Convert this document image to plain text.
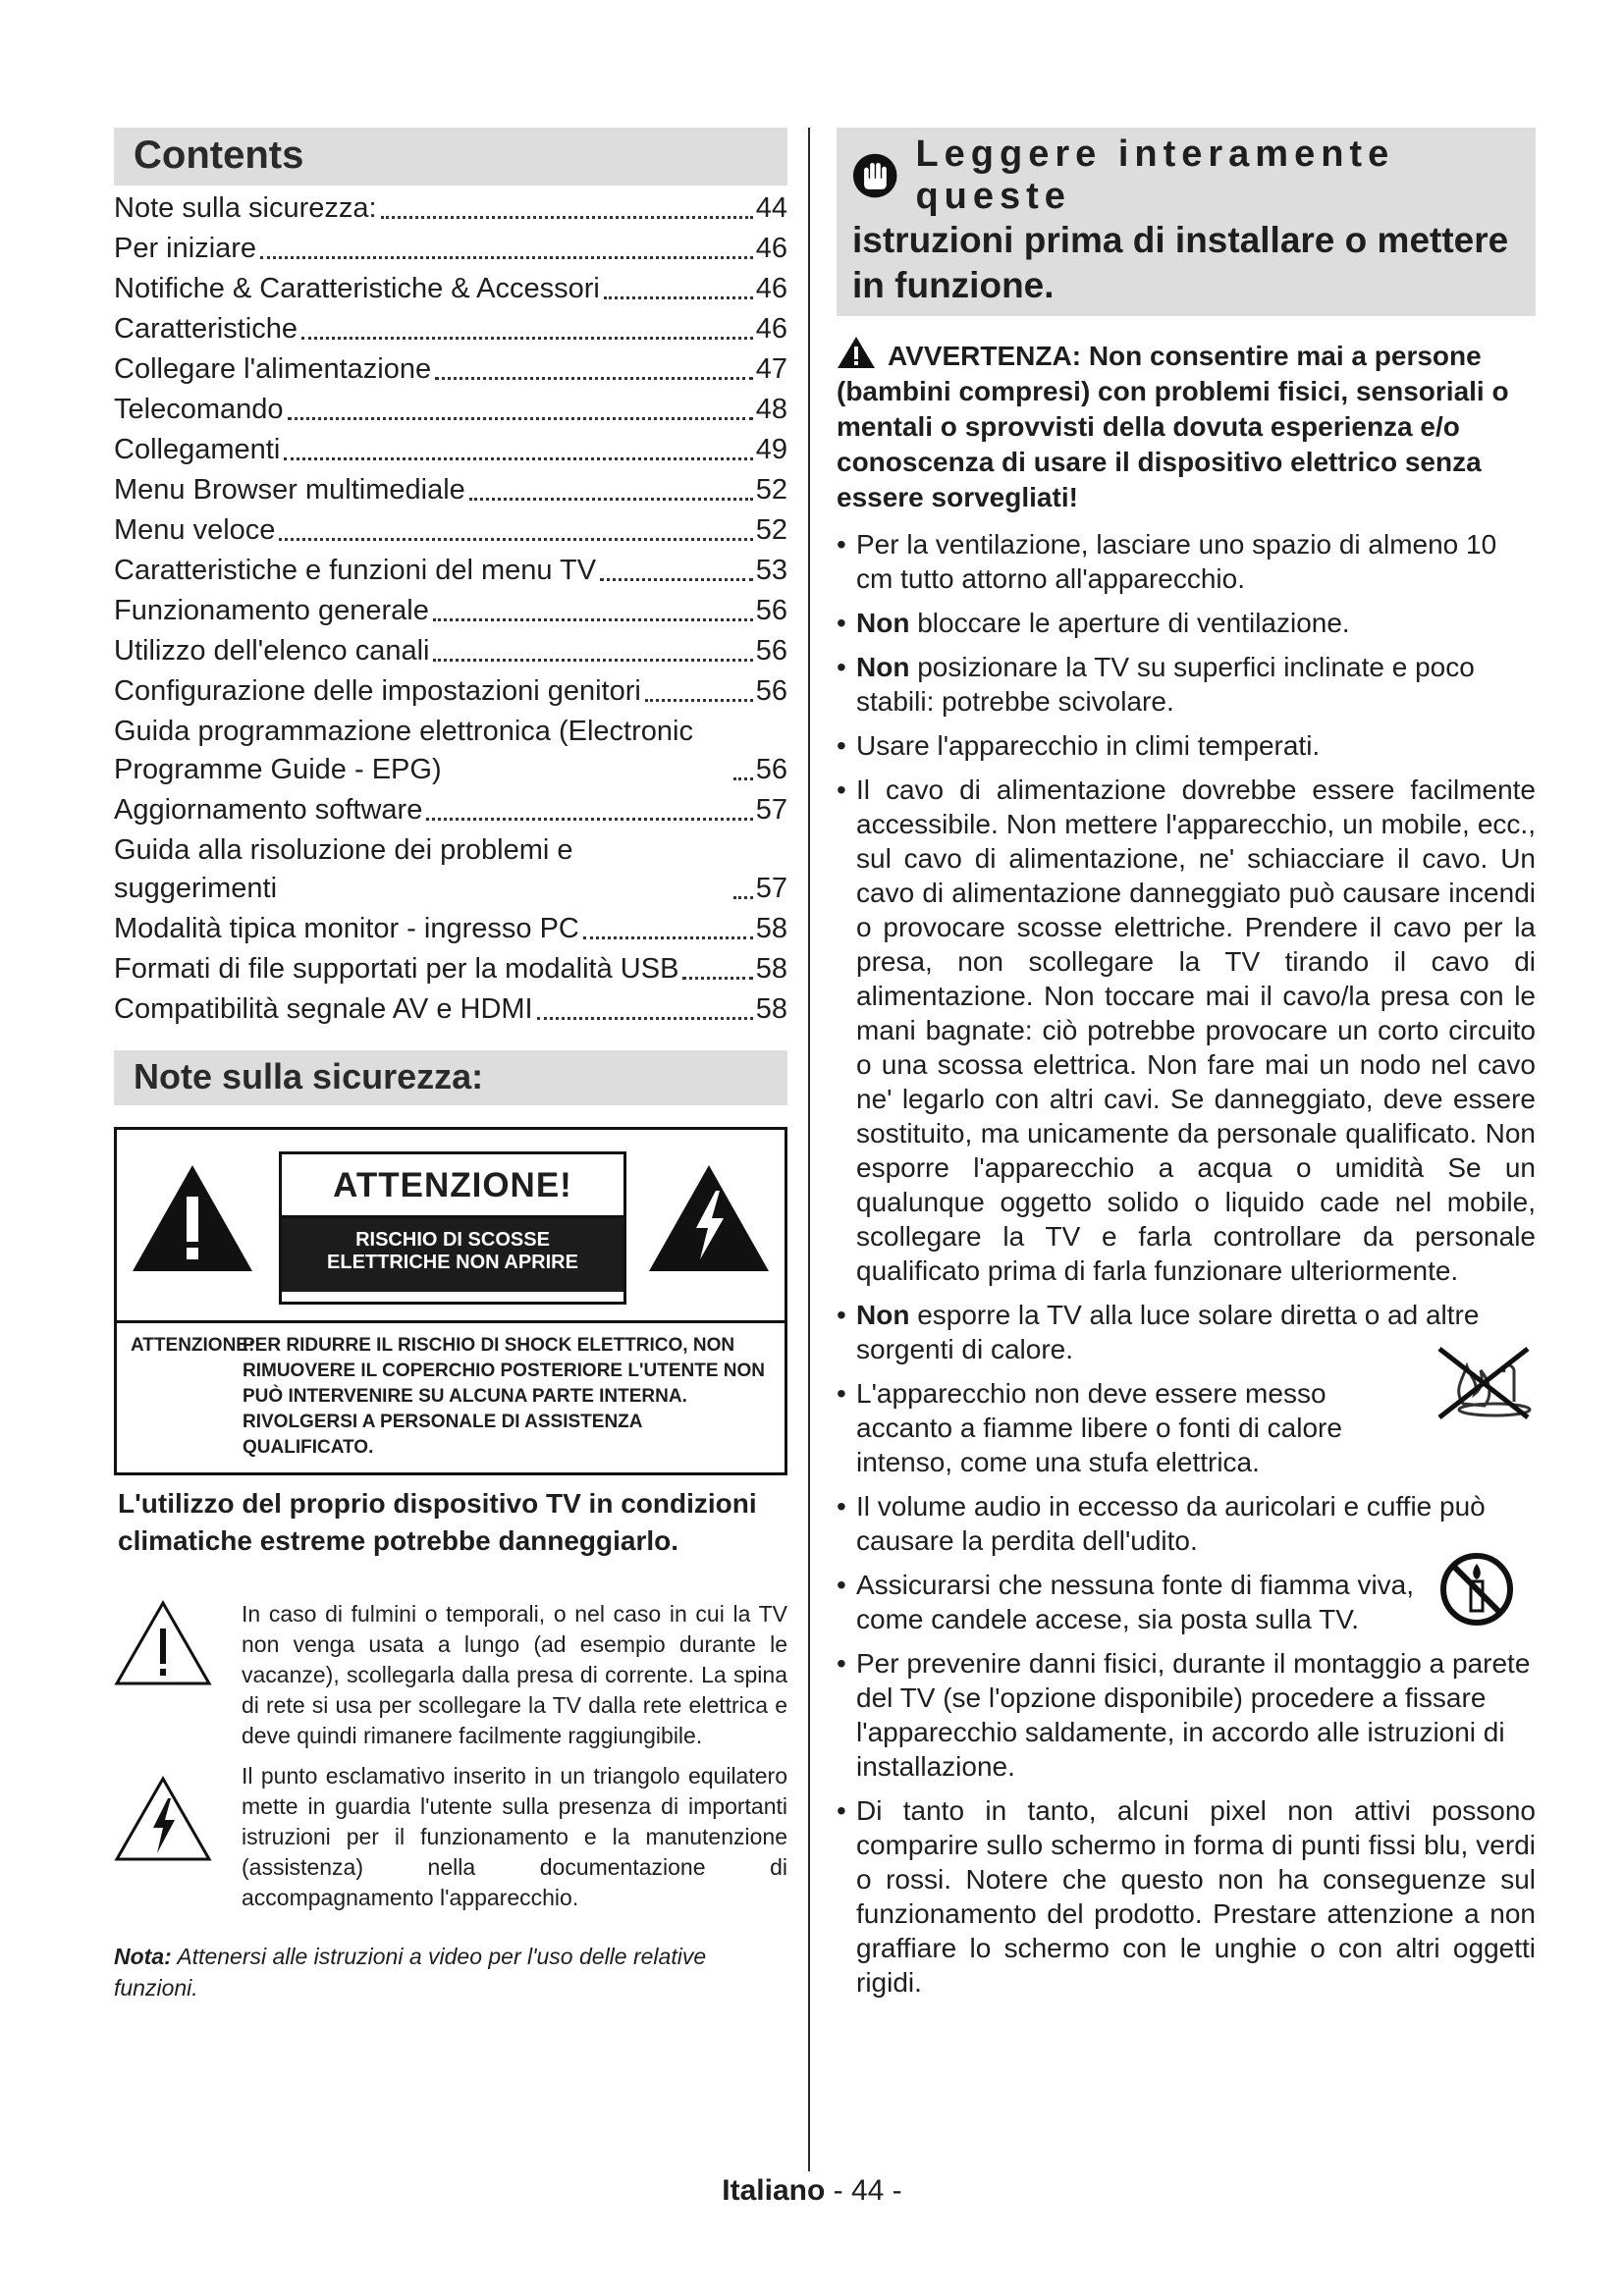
Contents
Note sulla sicurezza:	44
Per iniziare	46
Notifiche & Caratteristiche & Accessori	46
Caratteristiche	46
Collegare l'alimentazione	47
Telecomando	48
Collegamenti	49
Menu Browser multimediale	52
Menu veloce	52
Caratteristiche e funzioni del menu TV	53
Funzionamento generale	56
Utilizzo dell'elenco canali	56
Configurazione delle impostazioni genitori	56
Guida programmazione elettronica (Electronic Programme Guide - EPG)	56
Aggiornamento software	57
Guida alla risoluzione dei problemi e suggerimenti	57
Modalità tipica monitor - ingresso PC	58
Formati di file supportati per la modalità USB	58
Compatibilità segnale AV e HDMI	58
Note sulla sicurezza:
ATTENZIONE!
RISCHIO DI SCOSSE
ELETTRICHE NON APRIRE
ATTENZIONE:
PER RIDURRE IL RISCHIO DI SHOCK ELETTRICO, NON RIMUOVERE IL COPERCHIO POSTERIORE L'UTENTE NON PUÒ INTERVENIRE SU ALCUNA PARTE INTERNA. RIVOLGERSI A PERSONALE DI ASSISTENZA QUALIFICATO.

L'utilizzo del proprio dispositivo TV in condizioni climatiche estreme potrebbe danneggiarlo.

In caso di fulmini o temporali, o nel caso in cui la TV non venga usata a lungo (ad esempio durante le vacanze), scollegarla dalla presa di corrente. La spina di rete si usa per scollegare la TV dalla rete elettrica e deve quindi rimanere facilmente raggiungibile.
Il punto esclamativo inserito in un triangolo equilatero mette in guardia l'utente sulla presenza di importanti istruzioni per il funzionamento e la manutenzione (assistenza) nella documentazione di accompagnamento l'apparecchio.
Nota: Attenersi alle istruzioni a video per l'uso delle relative funzioni.
Leggere interamente queste
istruzioni prima di installare o mettere in funzione.
AVVERTENZA: Non consentire mai a persone (bambini compresi) con problemi fisici, sensoriali o mentali o sprovvisti della dovuta esperienza e/o conoscenza di usare il dispositivo elettrico senza essere sorvegliati!
• Per la ventilazione, lasciare uno spazio di almeno 10 cm tutto attorno all'apparecchio.
• Non bloccare le aperture di ventilazione.
• Non posizionare la TV su superfici inclinate e poco stabili: potrebbe scivolare.
• Usare l'apparecchio in climi temperati.
• Il cavo di alimentazione dovrebbe essere facilmente accessibile. Non mettere l'apparecchio, un mobile, ecc., sul cavo di alimentazione, ne' schiacciare il cavo. Un cavo di alimentazione danneggiato può causare incendi o provocare scosse elettriche. Prendere il cavo per la presa, non scollegare la TV tirando il cavo di alimentazione. Non toccare mai il cavo/la presa con le mani bagnate: ciò potrebbe provocare un corto circuito o una scossa elettrica. Non fare mai un nodo nel cavo ne' legarlo con altri cavi. Se danneggiato, deve essere sostituito, ma unicamente da personale qualificato. Non esporre l'apparecchio a acqua o umidità Se un qualunque oggetto solido o liquido cade nel mobile, scollegare la TV e farla controllare da personale qualificato prima di farla funzionare ulteriormente.
• Non esporre la TV alla luce solare diretta o ad altre sorgenti di calore.
• L'apparecchio non deve essere messo accanto a fiamme libere o fonti di calore intenso, come una stufa elettrica.
• Il volume audio in eccesso da auricolari e cuffie può causare la perdita dell'udito.
• Assicurarsi che nessuna fonte di fiamma viva, come candele accese, sia posta sulla TV.
• Per prevenire danni fisici, durante il montaggio a parete del TV (se l'opzione disponibile) procedere a fissare l'apparecchio saldamente, in accordo alle istruzioni di installazione.
• Di tanto in tanto, alcuni pixel non attivi possono comparire sullo schermo in forma di punti fissi blu, verdi o rossi. Notere che questo non ha conseguenze sul funzionamento del prodotto. Prestare attenzione a non graffiare lo schermo con le unghie o con altri oggetti rigidi.
Italiano - 44 -
